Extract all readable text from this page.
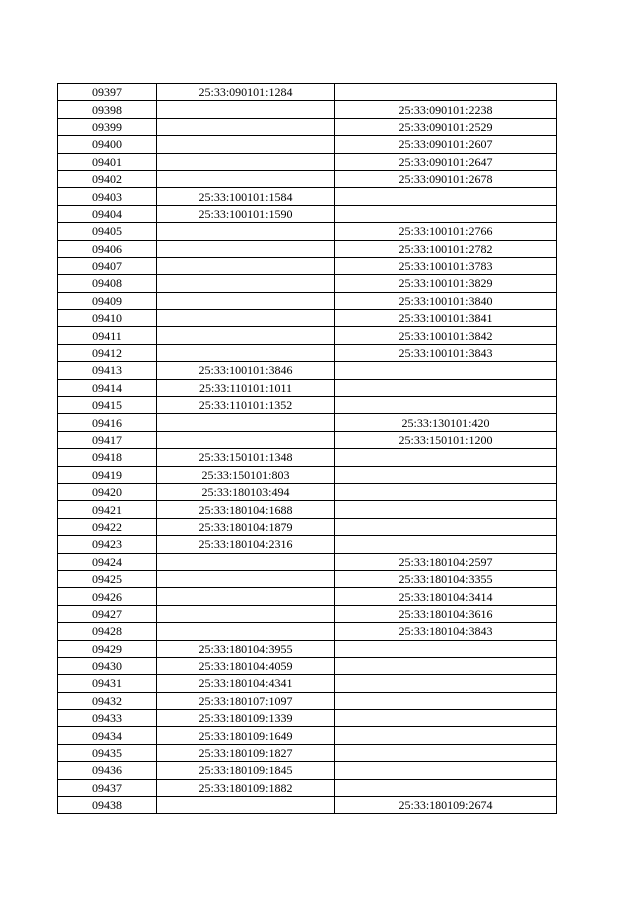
09397	25:33:090101:1284	
09398		25:33:090101:2238
09399		25:33:090101:2529
09400		25:33:090101:2607
09401		25:33:090101:2647
09402		25:33:090101:2678
09403	25:33:100101:1584	
09404	25:33:100101:1590	
09405		25:33:100101:2766
09406		25:33:100101:2782
09407		25:33:100101:3783
09408		25:33:100101:3829
09409		25:33:100101:3840
09410		25:33:100101:3841
09411		25:33:100101:3842
09412		25:33:100101:3843
09413	25:33:100101:3846	
09414	25:33:110101:1011	
09415	25:33:110101:1352	
09416		25:33:130101:420
09417		25:33:150101:1200
09418	25:33:150101:1348	
09419	25:33:150101:803	
09420	25:33:180103:494	
09421	25:33:180104:1688	
09422	25:33:180104:1879	
09423	25:33:180104:2316	
09424		25:33:180104:2597
09425		25:33:180104:3355
09426		25:33:180104:3414
09427		25:33:180104:3616
09428		25:33:180104:3843
09429	25:33:180104:3955	
09430	25:33:180104:4059	
09431	25:33:180104:4341	
09432	25:33:180107:1097	
09433	25:33:180109:1339	
09434	25:33:180109:1649	
09435	25:33:180109:1827	
09436	25:33:180109:1845	
09437	25:33:180109:1882	
09438		25:33:180109:2674
